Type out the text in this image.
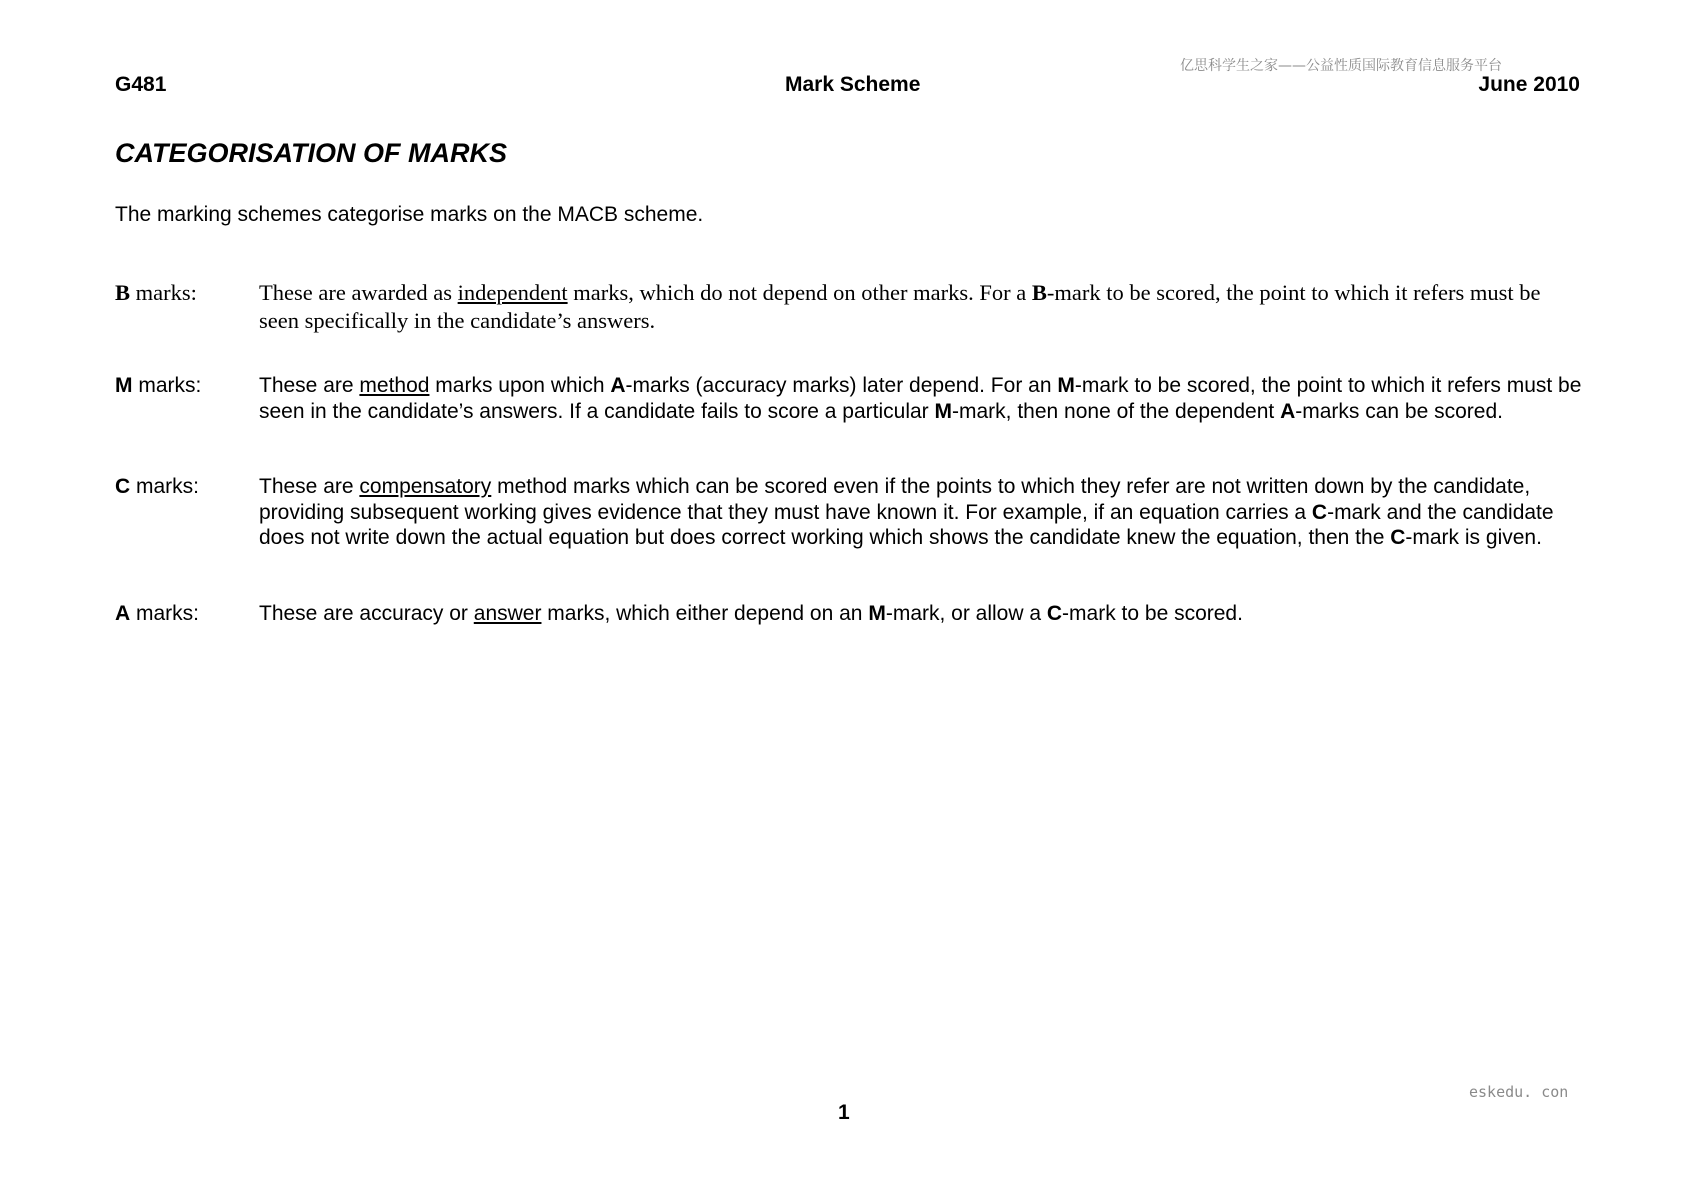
亿思科学生之家——公益性质国际教育信息服务平台
G481	Mark Scheme	June 2010
CATEGORISATION OF MARKS

The marking schemes categorise marks on the MACB scheme.

B marks:	These are awarded as independent marks, which do not depend on other marks. For a B-mark to be scored, the point to which it refers must be seen specifically in the candidate’s answers.
M marks:	These are method marks upon which A-marks (accuracy marks) later depend. For an M-mark to be scored, the point to which it refers must be seen in the candidate’s answers. If a candidate fails to score a particular M-mark, then none of the dependent A-marks can be scored.
C marks:	These are compensatory method marks which can be scored even if the points to which they refer are not written down by the candidate, providing subsequent working gives evidence that they must have known it. For example, if an equation carries a C-mark and the candidate does not write down the actual equation but does correct working which shows the candidate knew the equation, then the C-mark is given.
A marks:	These are accuracy or answer marks, which either depend on an M-mark, or allow a C-mark to be scored.
eskedu. con
1
